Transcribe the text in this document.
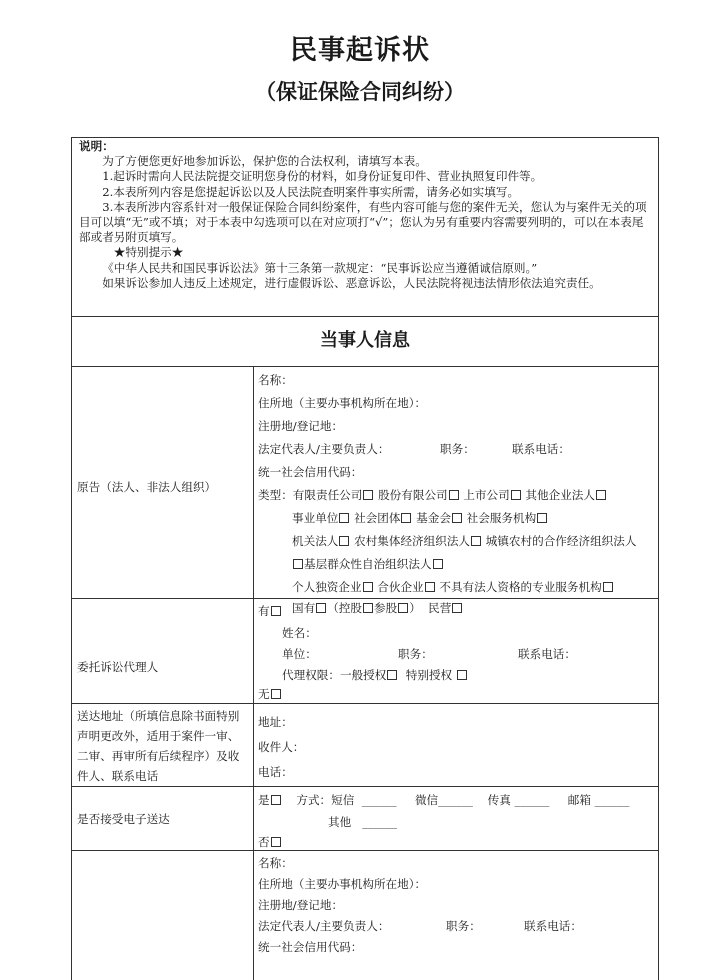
民事起诉状
（保证保险合同纠纷）
说明：
为了方便您更好地参加诉讼，保护您的合法权利，请填写本表。
1.起诉时需向人民法院提交证明您身份的材料，如身份证复印件、营业执照复印件等。
2.本表所列内容是您提起诉讼以及人民法院查明案件事实所需，请务必如实填写。
3.本表所涉内容系针对一般保证保险合同纠纷案件，有些内容可能与您的案件无关，您认为与案件无关的项目可以填“无”或不填；对于本表中勾选项可以在对应项打“√”；您认为另有重要内容需要列明的，可以在本表尾部或者另附页填写。
★特别提示★
《中华人民共和国民事诉讼法》第十三条第一款规定：“民事诉讼应当遵循诚信原则。”
如果诉讼参加人违反上述规定，进行虚假诉讼、恶意诉讼，人民法院将视违法情形依法追究责任。
当事人信息
原告（法人、非法人组织）
名称：
住所地（主要办事机构所在地）：
注册地/登记地：
法定代表人/主要负责人：	职务：	联系电话：
统一社会信用代码：
类型：有限责任公司 股份有限公司 上市公司 其他企业法人
事业单位 社会团体 基金会 社会服务机构
机关法人 农村集体经济组织法人 城镇农村的合作经济组织法人
基层群众性自治组织法人
个人独资企业 合伙企业 不具有法人资格的专业服务机构
国有 （控股 参股 ）  民营
委托诉讼代理人
有
姓名：
单位：	职务：	联系电话：
代理权限：一般授权 特别授权
无
送达地址（所填信息除书面特别声明更改外，适用于案件一审、二审、再审所有后续程序）及收件人、联系电话
地址：
收件人：
电话：
是否接受电子送达
是 方式：短信  ______     微信______    传真 ______     邮箱 ______
其他   ______
否
名称：
住所地（主要办事机构所在地）：
注册地/登记地：
法定代表人/主要负责人：	职务：	联系电话：
统一社会信用代码：
